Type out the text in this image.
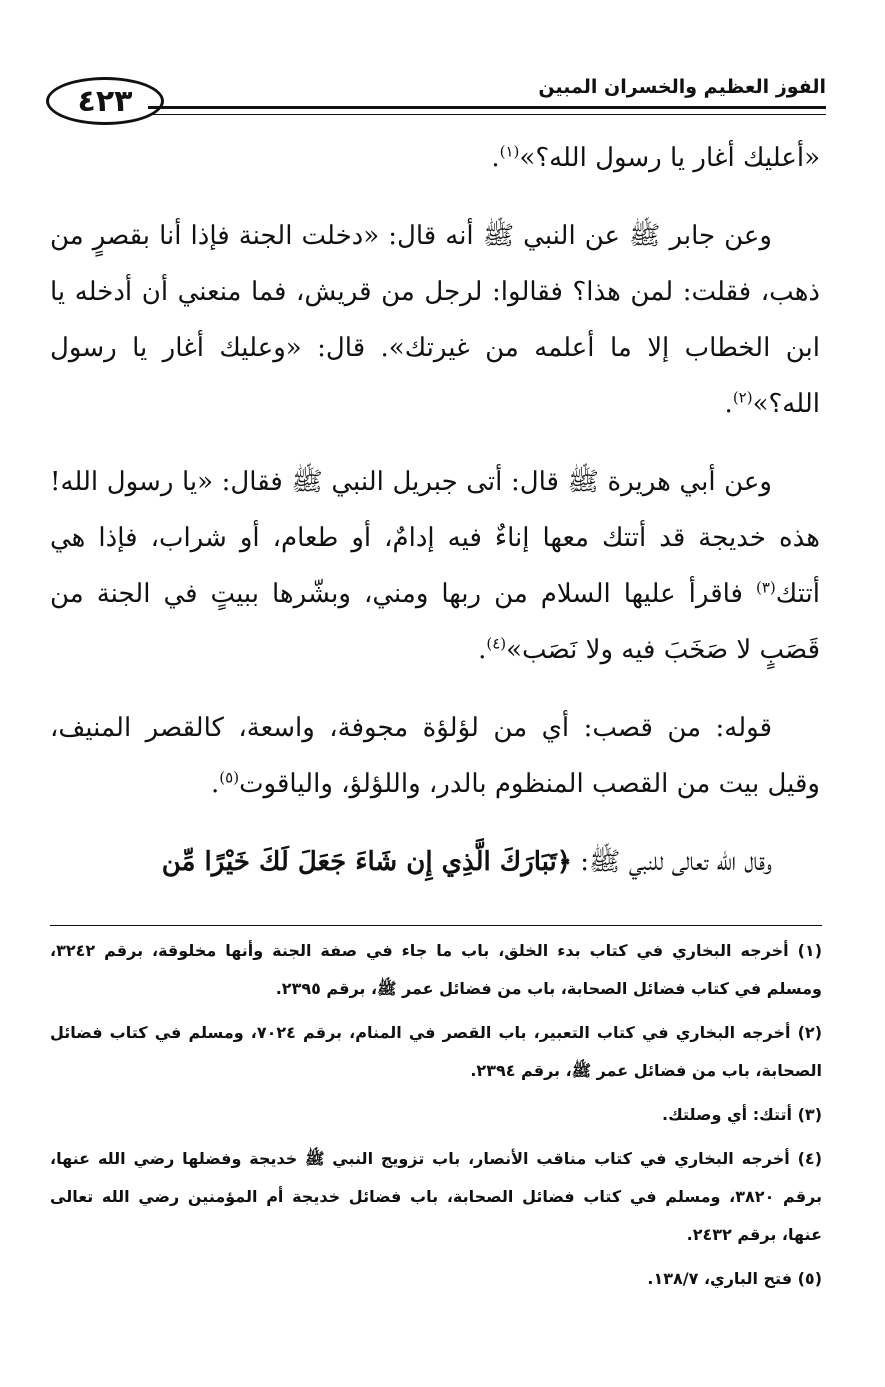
٤٢٣	الفوز العظيم والخسران المبين

«أعليك أغار يا رسول الله؟»$^{(١)}$.

وعن جابر ﷺ عن النبي ﷺ أنه قال: «دخلت الجنة فإذا أنا بقصرٍ من ذهب، فقلت: لمن هذا؟ فقالوا: لرجل من قريش، فما منعني أن أدخله يا ابن الخطاب إلا ما أعلمه من غيرتك». قال: «وعليك أغار يا رسول الله؟»$^{(٢)}$.

وعن أبي هريرة ﷺ قال: أتى جبريل النبي ﷺ فقال: «يا رسول الله! هذه خديجة قد أتتك معها إناءٌ فيه إدامٌ، أو طعام، أو شراب، فإذا هي أتتك$^{(٣)}$ فاقرأ عليها السلام من ربها ومني، وبشّرها ببيتٍ في الجنة من قَصَبٍ لا صَخَبَ فيه ولا نَصَب»$^{(٤)}$.

قوله: من قصب: أي من لؤلؤة مجوفة، واسعة، كالقصر المنيف، وقيل بيت من القصب المنظوم بالدر، واللؤلؤ، والياقوت$^{(٥)}$.

وقال الله تعالى للنبي ﷺ: ﴿تَبَارَكَ الَّذِي إِن شَاءَ جَعَلَ لَكَ خَيْرًا مِّن

(١) أخرجه البخاري في كتاب بدء الخلق، باب ما جاء في صفة الجنة وأنها مخلوقة، برقم ٣٢٤٢، ومسلم في كتاب فضائل الصحابة، باب من فضائل عمر ﷺ، برقم ٢٣٩٥.

(٢) أخرجه البخاري في كتاب التعبير، باب القصر في المنام، برقم ٧٠٢٤، ومسلم في كتاب فضائل الصحابة، باب من فضائل عمر ﷺ، برقم ٢٣٩٤.

(٣) أتتك: أي وصلتك.

(٤) أخرجه البخاري في كتاب مناقب الأنصار، باب تزويج النبي ﷺ خديجة وفضلها رضي الله عنها، برقم ٣٨٢٠، ومسلم في كتاب فضائل الصحابة، باب فضائل خديجة أم المؤمنين رضي الله تعالى عنها، برقم ٢٤٣٢.

(٥) فتح الباري، ١٣٨/٧.
